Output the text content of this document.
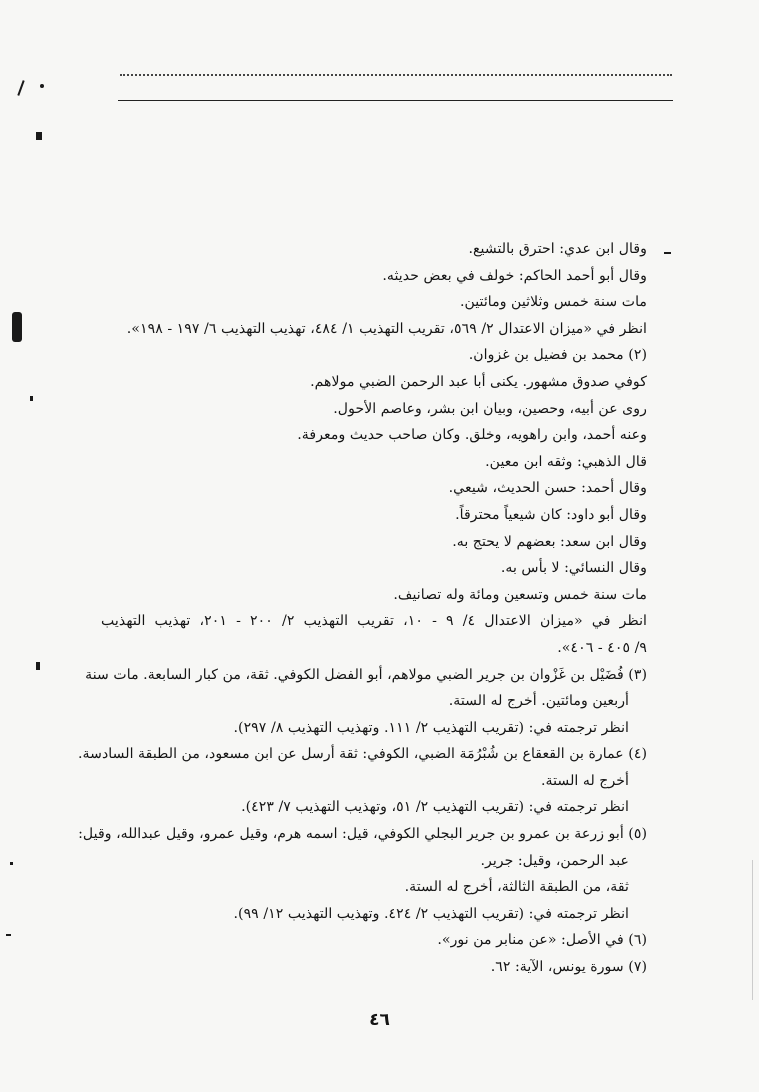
وقال ابن عدي: احترق بالتشيع.
وقال أبو أحمد الحاكم: خولف في بعض حديثه.
مات سنة خمس وثلاثين ومائتين.
انظر في «ميزان الاعتدال ٢/ ٥٦٩، تقريب التهذيب ١/ ٤٨٤، تهذيب التهذيب ٦/ ١٩٧ - ١٩٨».
(٢) محمد بن فضيل بن غزوان.
كوفي صدوق مشهور. يكنى أبا عبد الرحمن الضبي مولاهم.
روى عن أبيه، وحصين، وبيان ابن بشر، وعاصم الأحول.
وعنه أحمد، وابن راهويه، وخلق. وكان صاحب حديث ومعرفة.
قال الذهبي: وثقه ابن معين.
وقال أحمد: حسن الحديث، شيعي.
وقال أبو داود: كان شيعياً محترقاً.
وقال ابن سعد: بعضهم لا يحتج به.
وقال النسائي: لا بأس به.
مات سنة خمس وتسعين ومائة وله تصانيف.
انظر في «ميزان الاعتدال ٤/ ٩ - ١٠، تقريب التهذيب ٢/ ٢٠٠ - ٢٠١، تهذيب التهذيب
٩/ ٤٠٥ - ٤٠٦».
(٣) فُضَيْل بن غَزْوان بن جرير الضبي مولاهم، أبو الفضل الكوفي. ثقة، من كبار السابعة. مات سنة
أربعين ومائتين. أخرج له الستة.
انظر ترجمته في: (تقريب التهذيب ٢/ ١١١. وتهذيب التهذيب ٨/ ٢٩٧).
(٤) عمارة بن القعقاع بن شُبْرُمَة الضبي، الكوفي: ثقة أرسل عن ابن مسعود، من الطبقة السادسة.
أخرج له الستة.
انظر ترجمته في: (تقريب التهذيب ٢/ ٥١، وتهذيب التهذيب ٧/ ٤٢٣).
(٥) أبو زرعة بن عمرو بن جرير البجلي الكوفي، قيل: اسمه هرم، وقيل عمرو، وقيل عبدالله، وقيل:
عبد الرحمن، وقيل: جرير.
ثقة، من الطبقة الثالثة، أخرج له الستة.
انظر ترجمته في: (تقريب التهذيب ٢/ ٤٢٤. وتهذيب التهذيب ١٢/ ٩٩).
(٦) في الأصل: «عن منابر من نور».
(٧) سورة يونس، الآية: ٦٢.
٤٦
